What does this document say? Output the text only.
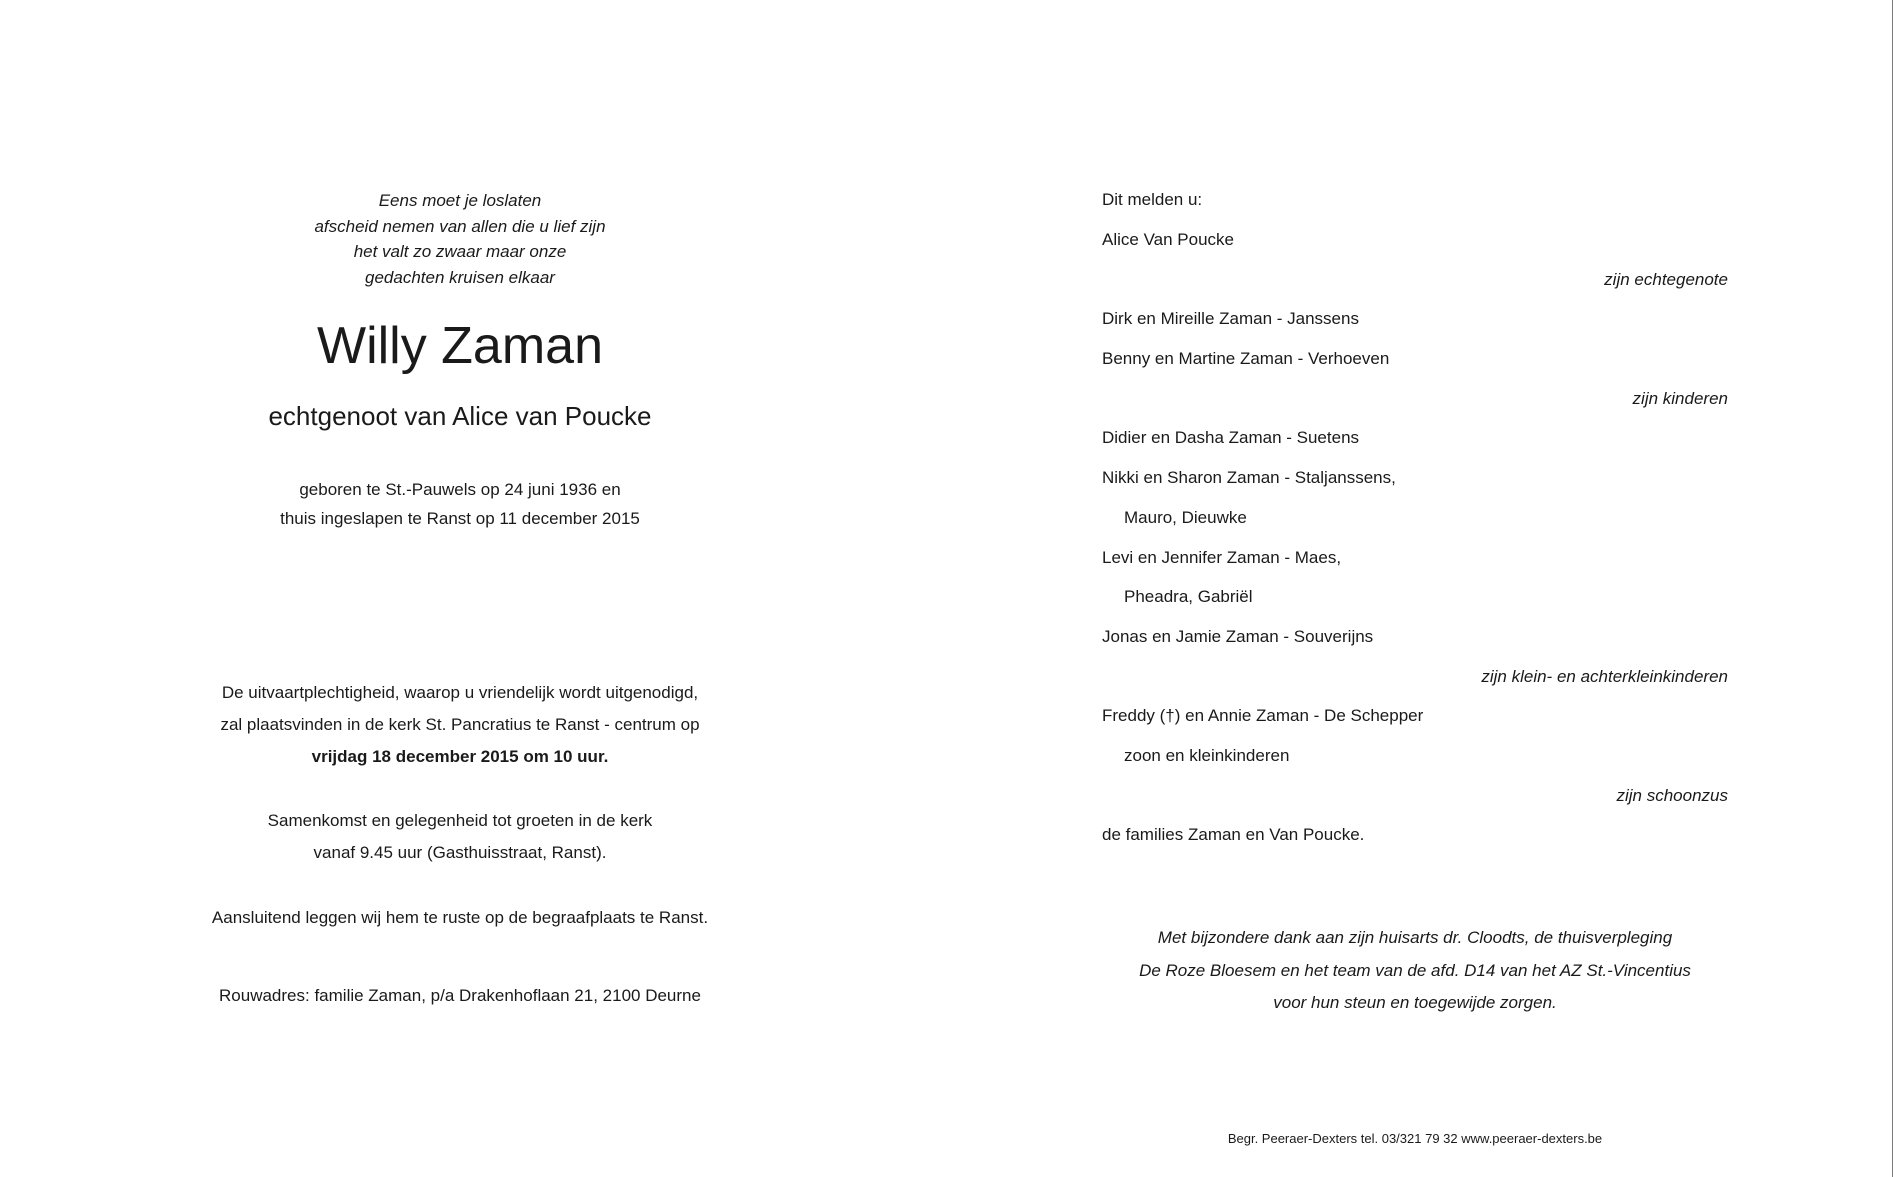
Eens moet je loslaten
afscheid nemen van allen die u lief zijn
het valt zo zwaar maar onze
gedachten kruisen elkaar
Willy Zaman
echtgenoot van Alice van Poucke
geboren te St.-Pauwels op 24 juni 1936 en
thuis ingeslapen te Ranst op 11 december 2015
De uitvaartplechtigheid, waarop u vriendelijk wordt uitgenodigd,
zal plaatsvinden in de kerk St. Pancratius te Ranst - centrum op
vrijdag 18 december 2015 om 10 uur.
Samenkomst en gelegenheid tot groeten in de kerk
vanaf 9.45 uur (Gasthuisstraat, Ranst).
Aansluitend leggen wij hem te ruste op de begraafplaats te Ranst.
Rouwadres: familie Zaman, p/a Drakenhoflaan 21, 2100 Deurne
Dit melden u:
Alice Van Poucke
zijn echtegenote
Dirk en Mireille Zaman - Janssens
Benny en Martine Zaman - Verhoeven
zijn kinderen
Didier en Dasha Zaman - Suetens
Nikki en Sharon Zaman - Staljanssens,
Mauro, Dieuwke
Levi en Jennifer Zaman - Maes,
Pheadra, Gabriël
Jonas en Jamie Zaman - Souverijns
zijn klein- en achterkleinkinderen
Freddy (†) en Annie Zaman - De Schepper
zoon en kleinkinderen
zijn schoonzus
de families Zaman en Van Poucke.
Met bijzondere dank aan zijn huisarts dr. Cloodts, de thuisverpleging
De Roze Bloesem en het team van de afd. D14 van het AZ St.-Vincentius
voor hun steun en toegewijde zorgen.
Begr. Peeraer-Dexters tel. 03/321 79 32 www.peeraer-dexters.be
